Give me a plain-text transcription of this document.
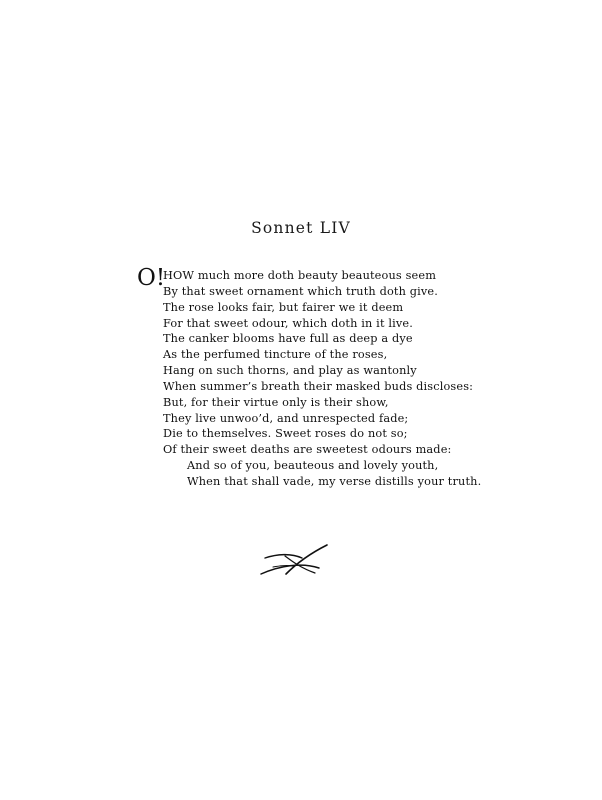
Sonnet LIV
O!
HOW much more doth beauty beauteous seem
By that sweet ornament which truth doth give.
The rose looks fair, but fairer we it deem
For that sweet odour, which doth in it live.
The canker blooms have full as deep a dye
As the perfumed tincture of the roses,
Hang on such thorns, and play as wantonly
When summer’s breath their masked buds discloses:
But, for their virtue only is their show,
They live unwoo’d, and unrespected fade;
Die to themselves. Sweet roses do not so;
Of their sweet deaths are sweetest odours made:
And so of you, beauteous and lovely youth,
When that shall vade, my verse distills your truth.
